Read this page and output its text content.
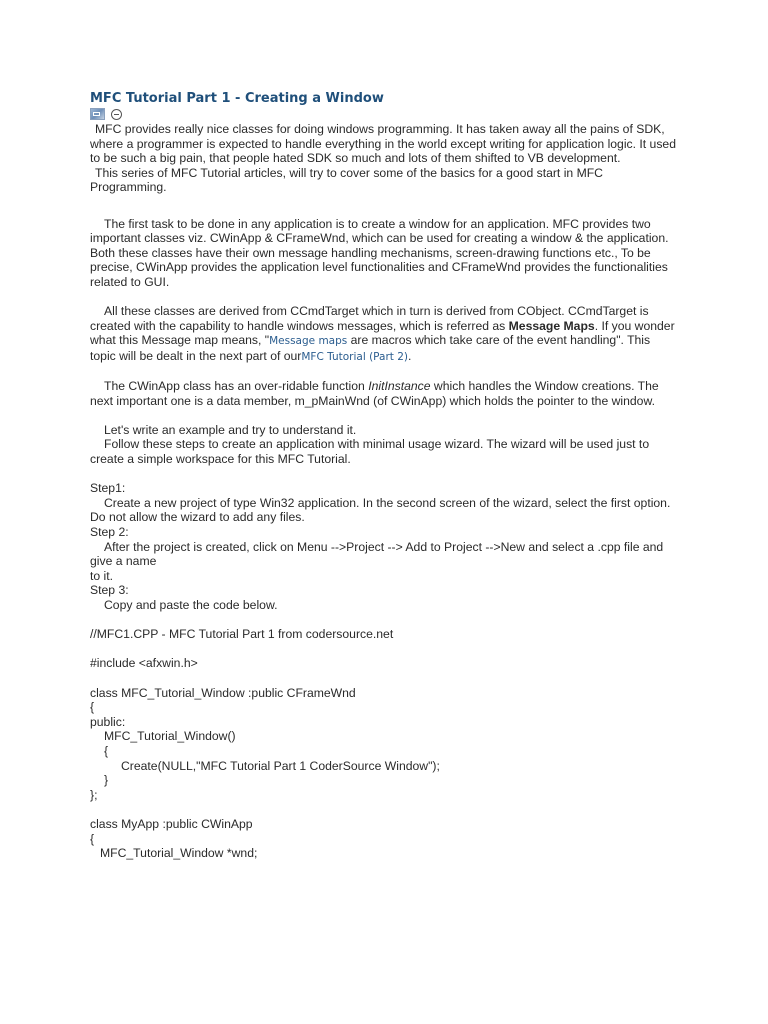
MFC Tutorial Part 1 - Creating a Window

MFC provides really nice classes for doing windows programming. It has taken away all the pains of SDK, where a programmer is expected to handle everything in the world except writing for application logic. It used to be such a big pain, that people hated SDK so much and lots of them shifted to VB development.

This series of MFC Tutorial articles, will try to cover some of the basics for a good start in MFC Programming.

The first task to be done in any application is to create a window for an application. MFC provides two important classes viz. CWinApp & CFrameWnd, which can be used for creating a window & the application. Both these classes have their own message handling mechanisms, screen-drawing functions etc., To be precise, CWinApp provides the application level functionalities and CFrameWnd provides the functionalities related to GUI.

All these classes are derived from CCmdTarget which in turn is derived from CObject. CCmdTarget is created with the capability to handle windows messages, which is referred as Message Maps. If you wonder what this Message map means, "Message maps are macros which take care of the event handling". This topic will be dealt in the next part of ourMFC Tutorial (Part 2).

The CWinApp class has an over-ridable function InitInstance which handles the Window creations. The next important one is a data member, m_pMainWnd (of CWinApp) which holds the pointer to the window.

Let's write an example and try to understand it.

Follow these steps to create an application with minimal usage wizard. The wizard will be used just to create a simple workspace for this MFC Tutorial.

Step1:

Create a new project of type Win32 application. In the second screen of the wizard, select the first option. Do not allow the wizard to add any files.

Step 2:

After the project is created, click on Menu -->Project --> Add to Project -->New and select a .cpp file and give a name

to it.

Step 3:

Copy and paste the code below.

//MFC1.CPP - MFC Tutorial Part 1 from codersource.net

#include <afxwin.h>

class MFC_Tutorial_Window :public CFrameWnd

{

public:

MFC_Tutorial_Window()

{

Create(NULL,"MFC Tutorial Part 1 CoderSource Window");

}

};

class MyApp :public CWinApp

{

MFC_Tutorial_Window *wnd;
